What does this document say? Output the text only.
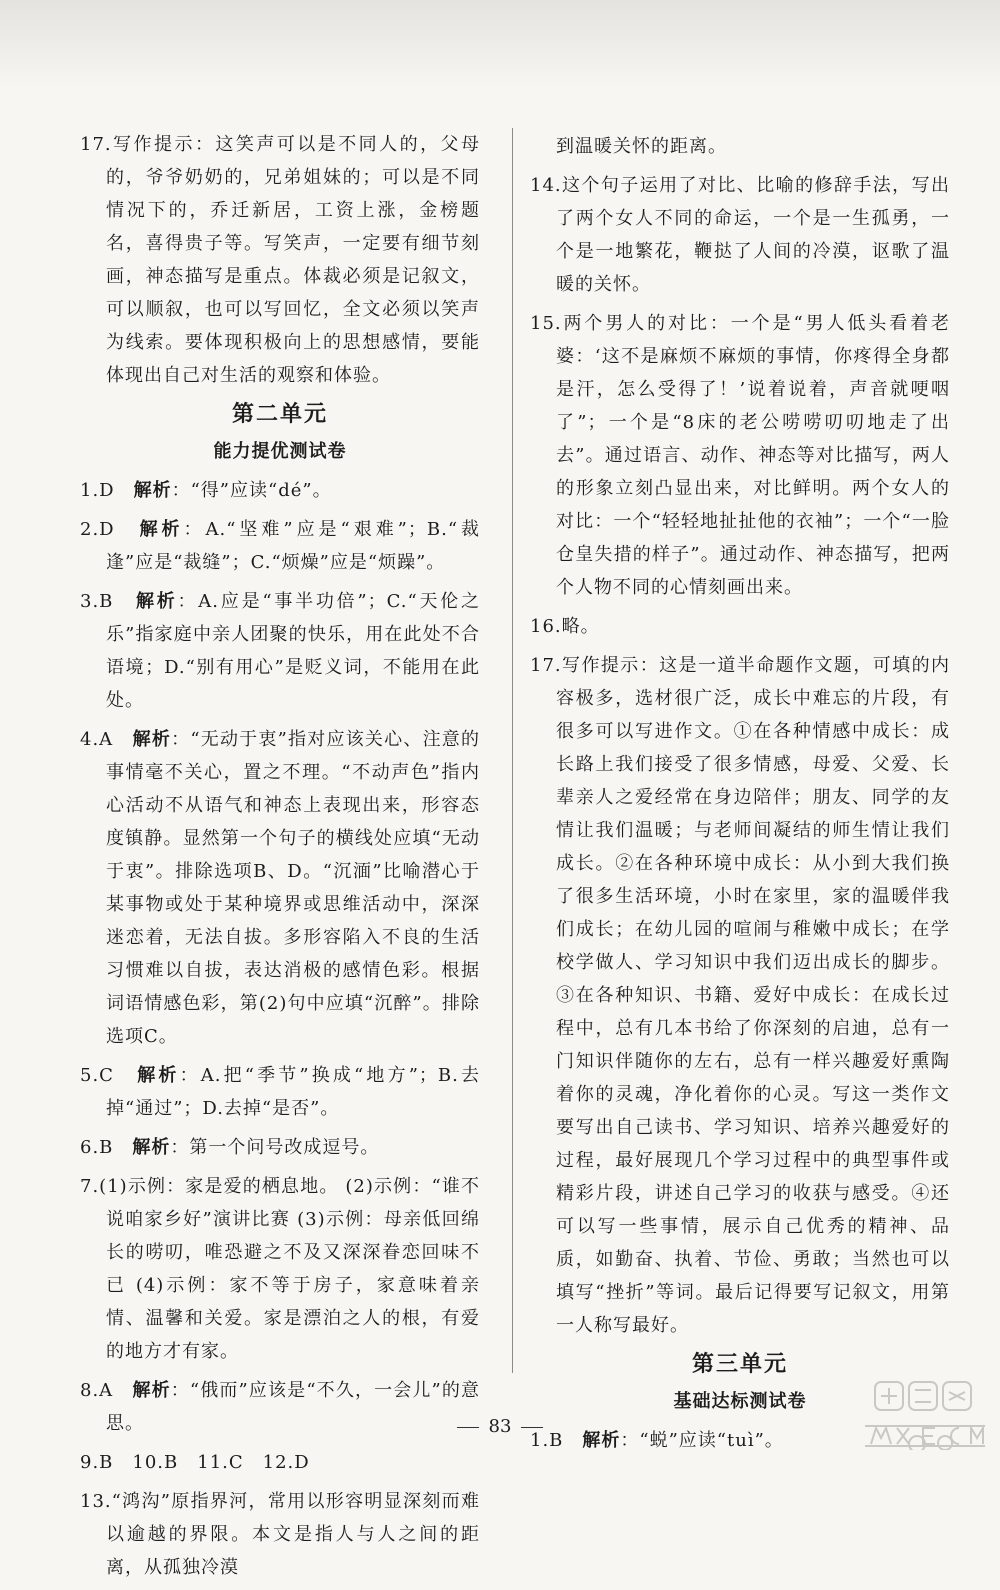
17.写作提示：这笑声可以是不同人的，父母的，爷爷奶奶的，兄弟姐妹的；可以是不同情况下的，乔迁新居，工资上涨，金榜题名，喜得贵子等。写笑声，一定要有细节刻画，神态描写是重点。体裁必须是记叙文，可以顺叙，也可以写回忆，全文必须以笑声为线索。要体现积极向上的思想感情，要能体现出自己对生活的观察和体验。
第二单元
能力提优测试卷
1.D　 解析：“得”应读“dé”。
2.D　 解析：A.“坚难”应是“艰难”；B.“裁逢”应是“裁缝”；C.“烦燥”应是“烦躁”。
3.B　 解析：A.应是“事半功倍”；C.“天伦之乐”指家庭中亲人团聚的快乐，用在此处不合语境；D.“别有用心”是贬义词，不能用在此处。
4.A　 解析：“无动于衷”指对应该关心、注意的事情毫不关心，置之不理。“不动声色”指内心活动不从语气和神态上表现出来，形容态度镇静。显然第一个句子的横线处应填“无动于衷”。排除选项B、D。“沉湎”比喻潜心于某事物或处于某种境界或思维活动中，深深迷恋着，无法自拔。多形容陷入不良的生活习惯难以自拔，表达消极的感情色彩。根据词语情感色彩，第(2)句中应填“沉醉”。排除选项C。
5.C　 解析：A.把“季节”换成“地方”；B.去掉“通过”；D.去掉“是否”。
6.B　 解析：第一个问号改成逗号。
7.(1)示例：家是爱的栖息地。 (2)示例：“谁不说咱家乡好”演讲比赛 (3)示例：母亲低回绵长的唠叨，唯恐避之不及又深深眷恋回味不已 (4)示例：家不等于房子，家意味着亲情、温馨和关爱。家是漂泊之人的根，有爱的地方才有家。
8.A　 解析：“俄而”应该是“不久，一会儿”的意思。
9.B　10.B　11.C　12.D
13.“鸿沟”原指界河，常用以形容明显深刻而难以逾越的界限。本文是指人与人之间的距离，从孤独冷漠
到温暖关怀的距离。
14.这个句子运用了对比、比喻的修辞手法，写出了两个女人不同的命运，一个是一生孤勇，一个是一地繁花，鞭挞了人间的冷漠，讴歌了温暖的关怀。
15.两个男人的对比：一个是“男人低头看着老婆：‘这不是麻烦不麻烦的事情，你疼得全身都是汗，怎么受得了！’说着说着，声音就哽咽了”；一个是“8床的老公唠唠叨叨地走了出去”。通过语言、动作、神态等对比描写，两人的形象立刻凸显出来，对比鲜明。两个女人的对比：一个“轻轻地扯扯他的衣袖”；一个“一脸仓皇失措的样子”。通过动作、神态描写，把两个人物不同的心情刻画出来。
16.略。
17.写作提示：这是一道半命题作文题，可填的内容极多，选材很广泛，成长中难忘的片段，有很多可以写进作文。①在各种情感中成长：成长路上我们接受了很多情感，母爱、父爱、长辈亲人之爱经常在身边陪伴；朋友、同学的友情让我们温暖；与老师间凝结的师生情让我们成长。②在各种环境中成长：从小到大我们换了很多生活环境，小时在家里，家的温暖伴我们成长；在幼儿园的喧闹与稚嫩中成长；在学校学做人、学习知识中我们迈出成长的脚步。③在各种知识、书籍、爱好中成长：在成长过程中，总有几本书给了你深刻的启迪，总有一门知识伴随你的左右，总有一样兴趣爱好熏陶着你的灵魂，净化着你的心灵。写这一类作文要写出自己读书、学习知识、培养兴趣爱好的过程，最好展现几个学习过程中的典型事件或精彩片段，讲述自己学习的收获与感受。④还可以写一些事情，展示自己优秀的精神、品质，如勤奋、执着、节俭、勇敢；当然也可以填写“挫折”等词。最后记得要写记叙文，用第一人称写最好。
第三单元
基础达标测试卷
1.B　 解析：“蜕”应读“tuì”。
83
